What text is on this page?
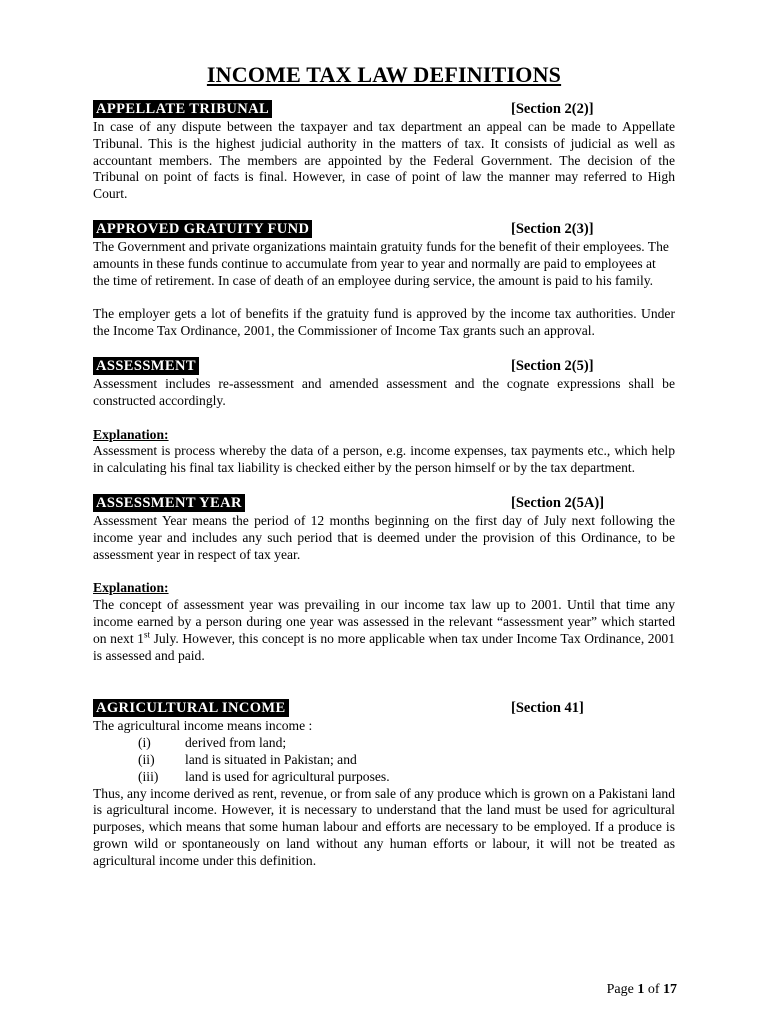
INCOME TAX LAW DEFINITIONS
APPELLATE TRIBUNAL	[Section 2(2)]

In case of any dispute between the taxpayer and tax department an appeal can be made to Appellate Tribunal. This is the highest judicial authority in the matters of tax. It consists of judicial as well as accountant members. The members are appointed by the Federal Government. The decision of the Tribunal on point of facts is final. However, in case of point of law the manner may referred to High Court.

APPROVED GRATUITY FUND	[Section 2(3)]

The Government and private organizations maintain gratuity funds for the benefit of their employees. The amounts in these funds continue to accumulate from year to year and normally are paid to employees at the time of retirement. In case of death of an employee during service, the amount is paid to his family.

The employer gets a lot of benefits if the gratuity fund is approved by the income tax authorities. Under the Income Tax Ordinance, 2001, the Commissioner of Income Tax grants such an approval.

ASSESSMENT	[Section 2(5)]

Assessment includes re-assessment and amended assessment and the cognate expressions shall be constructed accordingly.

Explanation:

Assessment is process whereby the data of a person, e.g. income expenses, tax payments etc., which help in calculating his final tax liability is checked either by the person himself or by the tax department.

ASSESSMENT YEAR	[Section 2(5A)]

Assessment Year means the period of 12 months beginning on the first day of July next following the income year and includes any such period that is deemed under the provision of this Ordinance, to be assessment year in respect of tax year.

Explanation:

The concept of assessment year was prevailing in our income tax law up to 2001. Until that time any income earned by a person during one year was assessed in the relevant “assessment year” which started on next 1st July. However, this concept is no more applicable when tax under Income Tax Ordinance, 2001 is assessed and paid.

AGRICULTURAL INCOME	[Section 41]

The agricultural income means income :

(i)	derived from land;
(ii) land is situated in Pakistan; and
(iii) land is used for agricultural purposes.

Thus, any income derived as rent, revenue, or from sale of any produce which is grown on a Pakistani land is agricultural income. However, it is necessary to understand that the land must be used for agricultural purposes, which means that some human labour and efforts are necessary to be employed. If a produce is grown wild or spontaneously on land without any human efforts or labour, it will not be treated as agricultural income under this definition.

Page 1 of 17
